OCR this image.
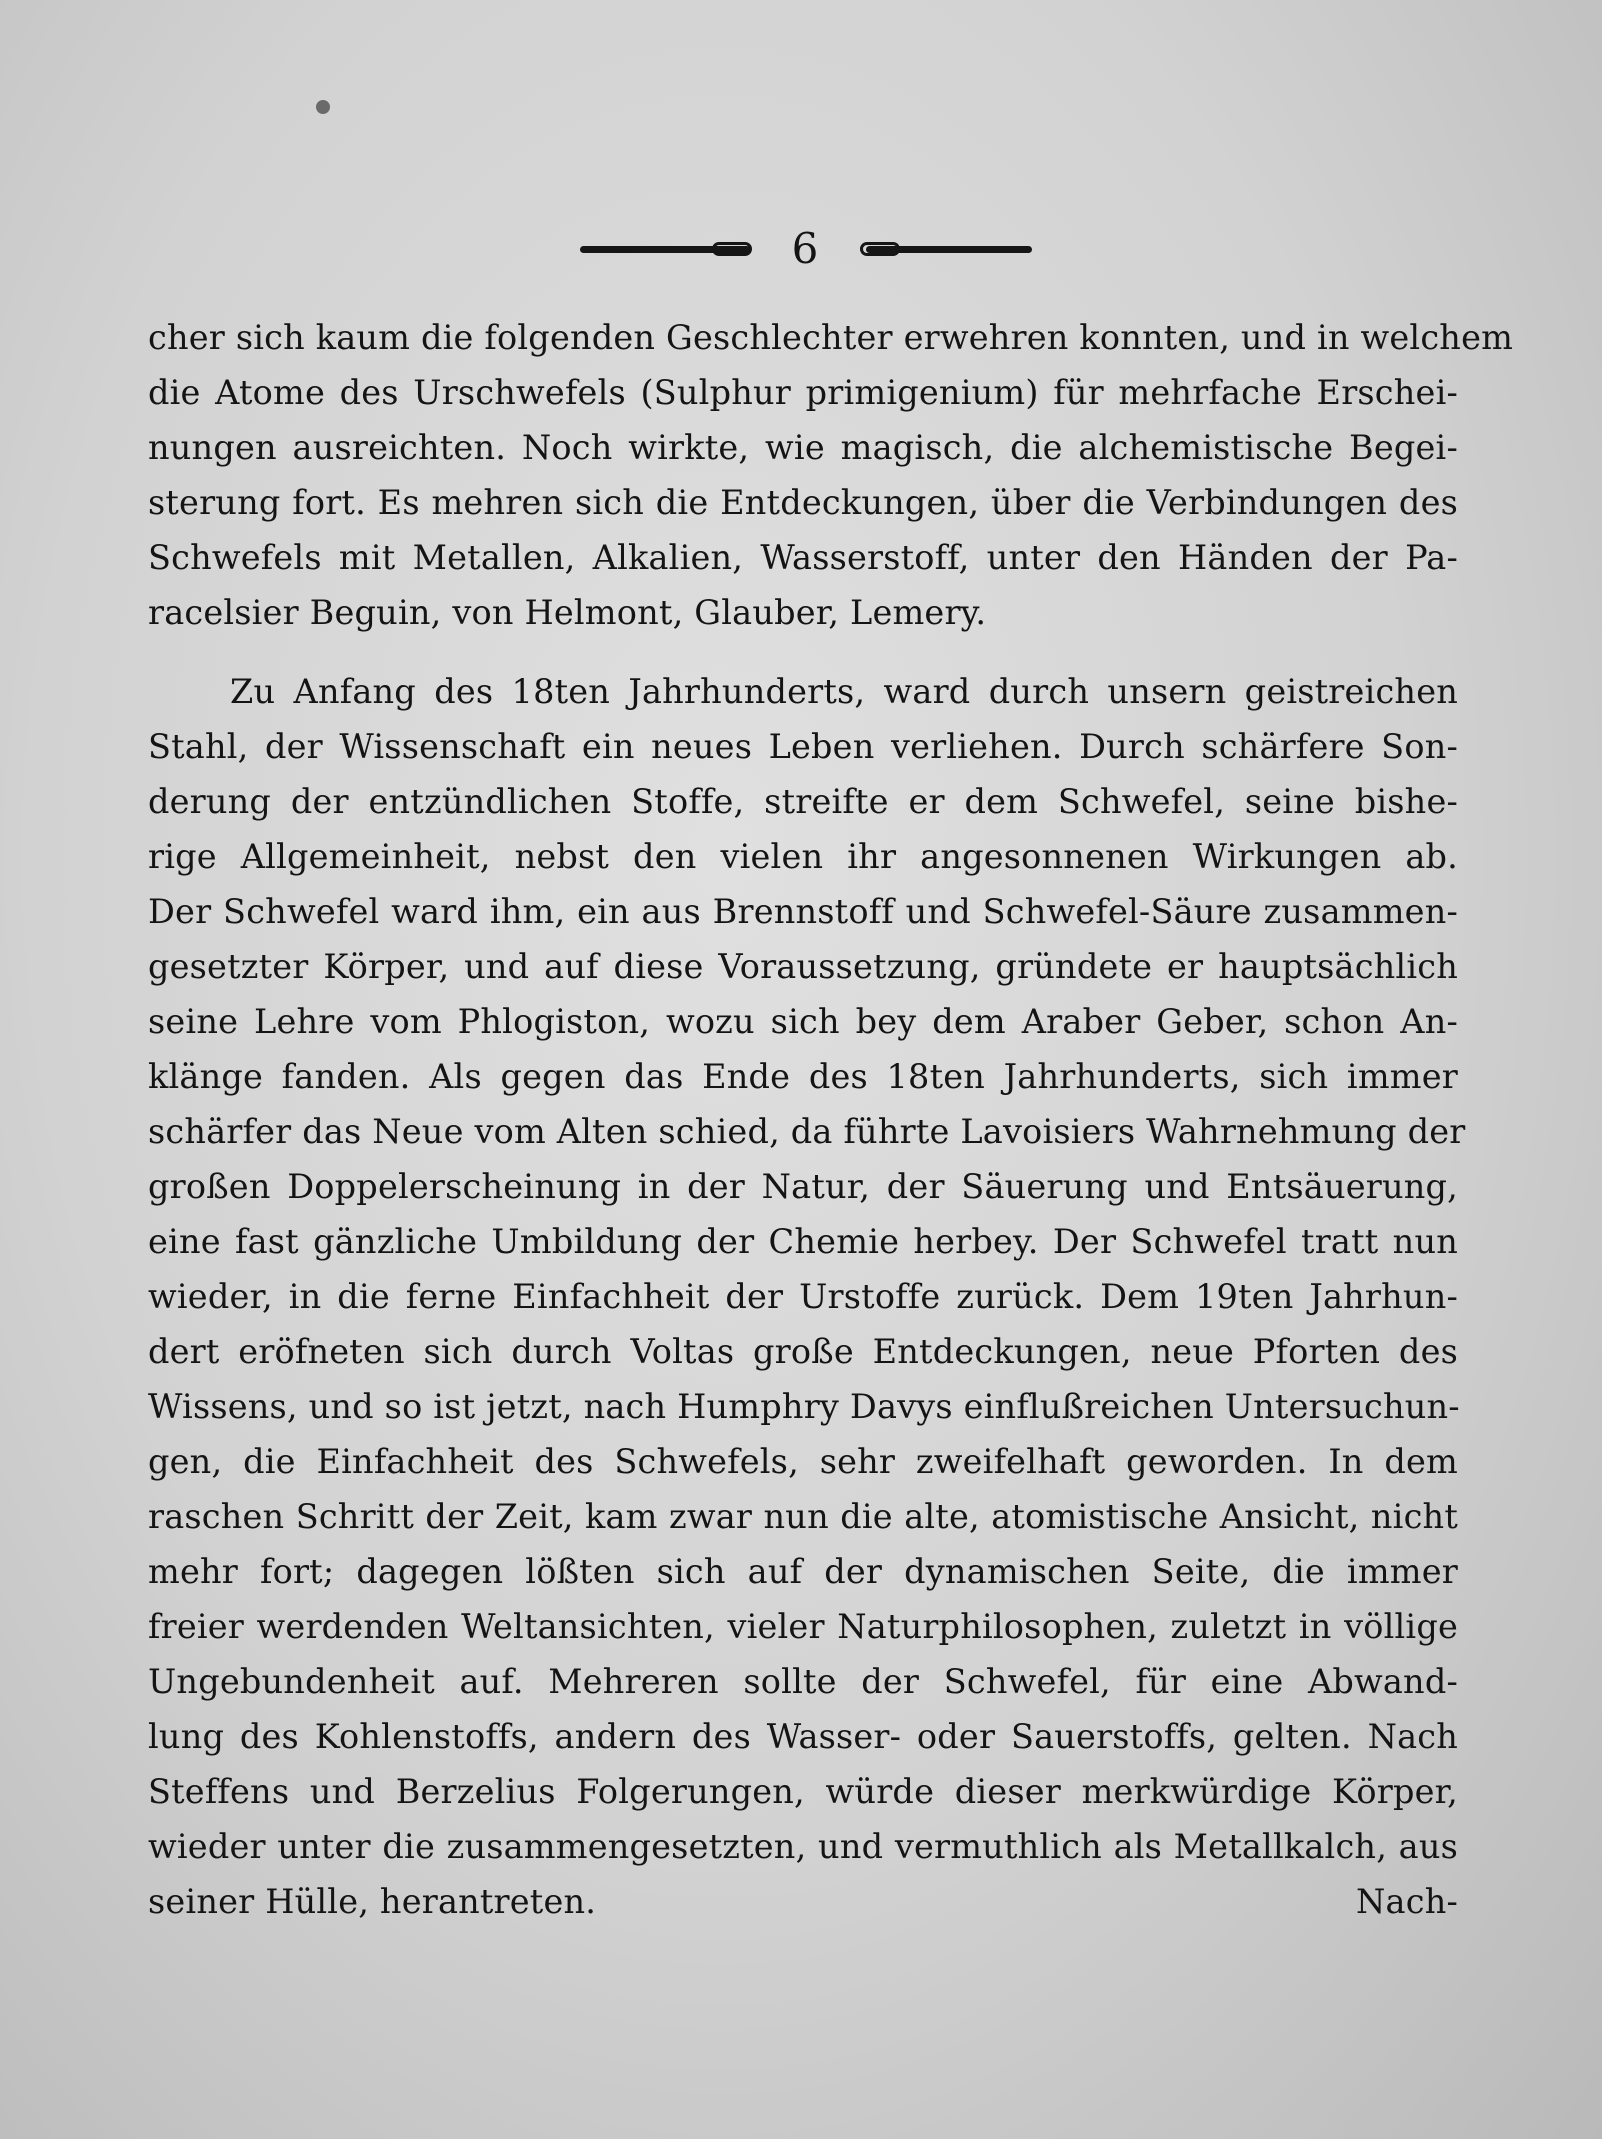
6
cher sich kaum die folgenden Geschlechter erwehren konnten, und in welchem
die Atome des Urschwefels (Sulphur primigenium) für mehrfache Erschei-
nungen ausreichten. Noch wirkte, wie magisch, die alchemistische Begei-
sterung fort. Es mehren sich die Entdeckungen, über die Verbindungen des
Schwefels mit Metallen, Alkalien, Wasserstoff, unter den Händen der Pa-
racelsier Beguin, von Helmont, Glauber, Lemery.
Zu Anfang des 18ten Jahrhunderts, ward durch unsern geistreichen
Stahl, der Wissenschaft ein neues Leben verliehen. Durch schärfere Son-
derung der entzündlichen Stoffe, streifte er dem Schwefel, seine bishe-
rige Allgemeinheit, nebst den vielen ihr angesonnenen Wirkungen ab.
Der Schwefel ward ihm, ein aus Brennstoff und Schwefel-Säure zusammen-
gesetzter Körper, und auf diese Voraussetzung, gründete er hauptsächlich
seine Lehre vom Phlogiston, wozu sich bey dem Araber Geber, schon An-
klänge fanden. Als gegen das Ende des 18ten Jahrhunderts, sich immer
schärfer das Neue vom Alten schied, da führte Lavoisiers Wahrnehmung der
großen Doppelerscheinung in der Natur, der Säuerung und Entsäuerung,
eine fast gänzliche Umbildung der Chemie herbey. Der Schwefel tratt nun
wieder, in die ferne Einfachheit der Urstoffe zurück. Dem 19ten Jahrhun-
dert eröfneten sich durch Voltas große Entdeckungen, neue Pforten des
Wissens, und so ist jetzt, nach Humphry Davys einflußreichen Untersuchun-
gen, die Einfachheit des Schwefels, sehr zweifelhaft geworden. In dem
raschen Schritt der Zeit, kam zwar nun die alte, atomistische Ansicht, nicht
mehr fort; dagegen lößten sich auf der dynamischen Seite, die immer
freier werdenden Weltansichten, vieler Naturphilosophen, zuletzt in völlige
Ungebundenheit auf. Mehreren sollte der Schwefel, für eine Abwand-
lung des Kohlenstoffs, andern des Wasser- oder Sauerstoffs, gelten. Nach
Steffens und Berzelius Folgerungen, würde dieser merkwürdige Körper,
wieder unter die zusammengesetzten, und vermuthlich als Metallkalch, aus
seiner Hülle, herantreten.	Nach-
